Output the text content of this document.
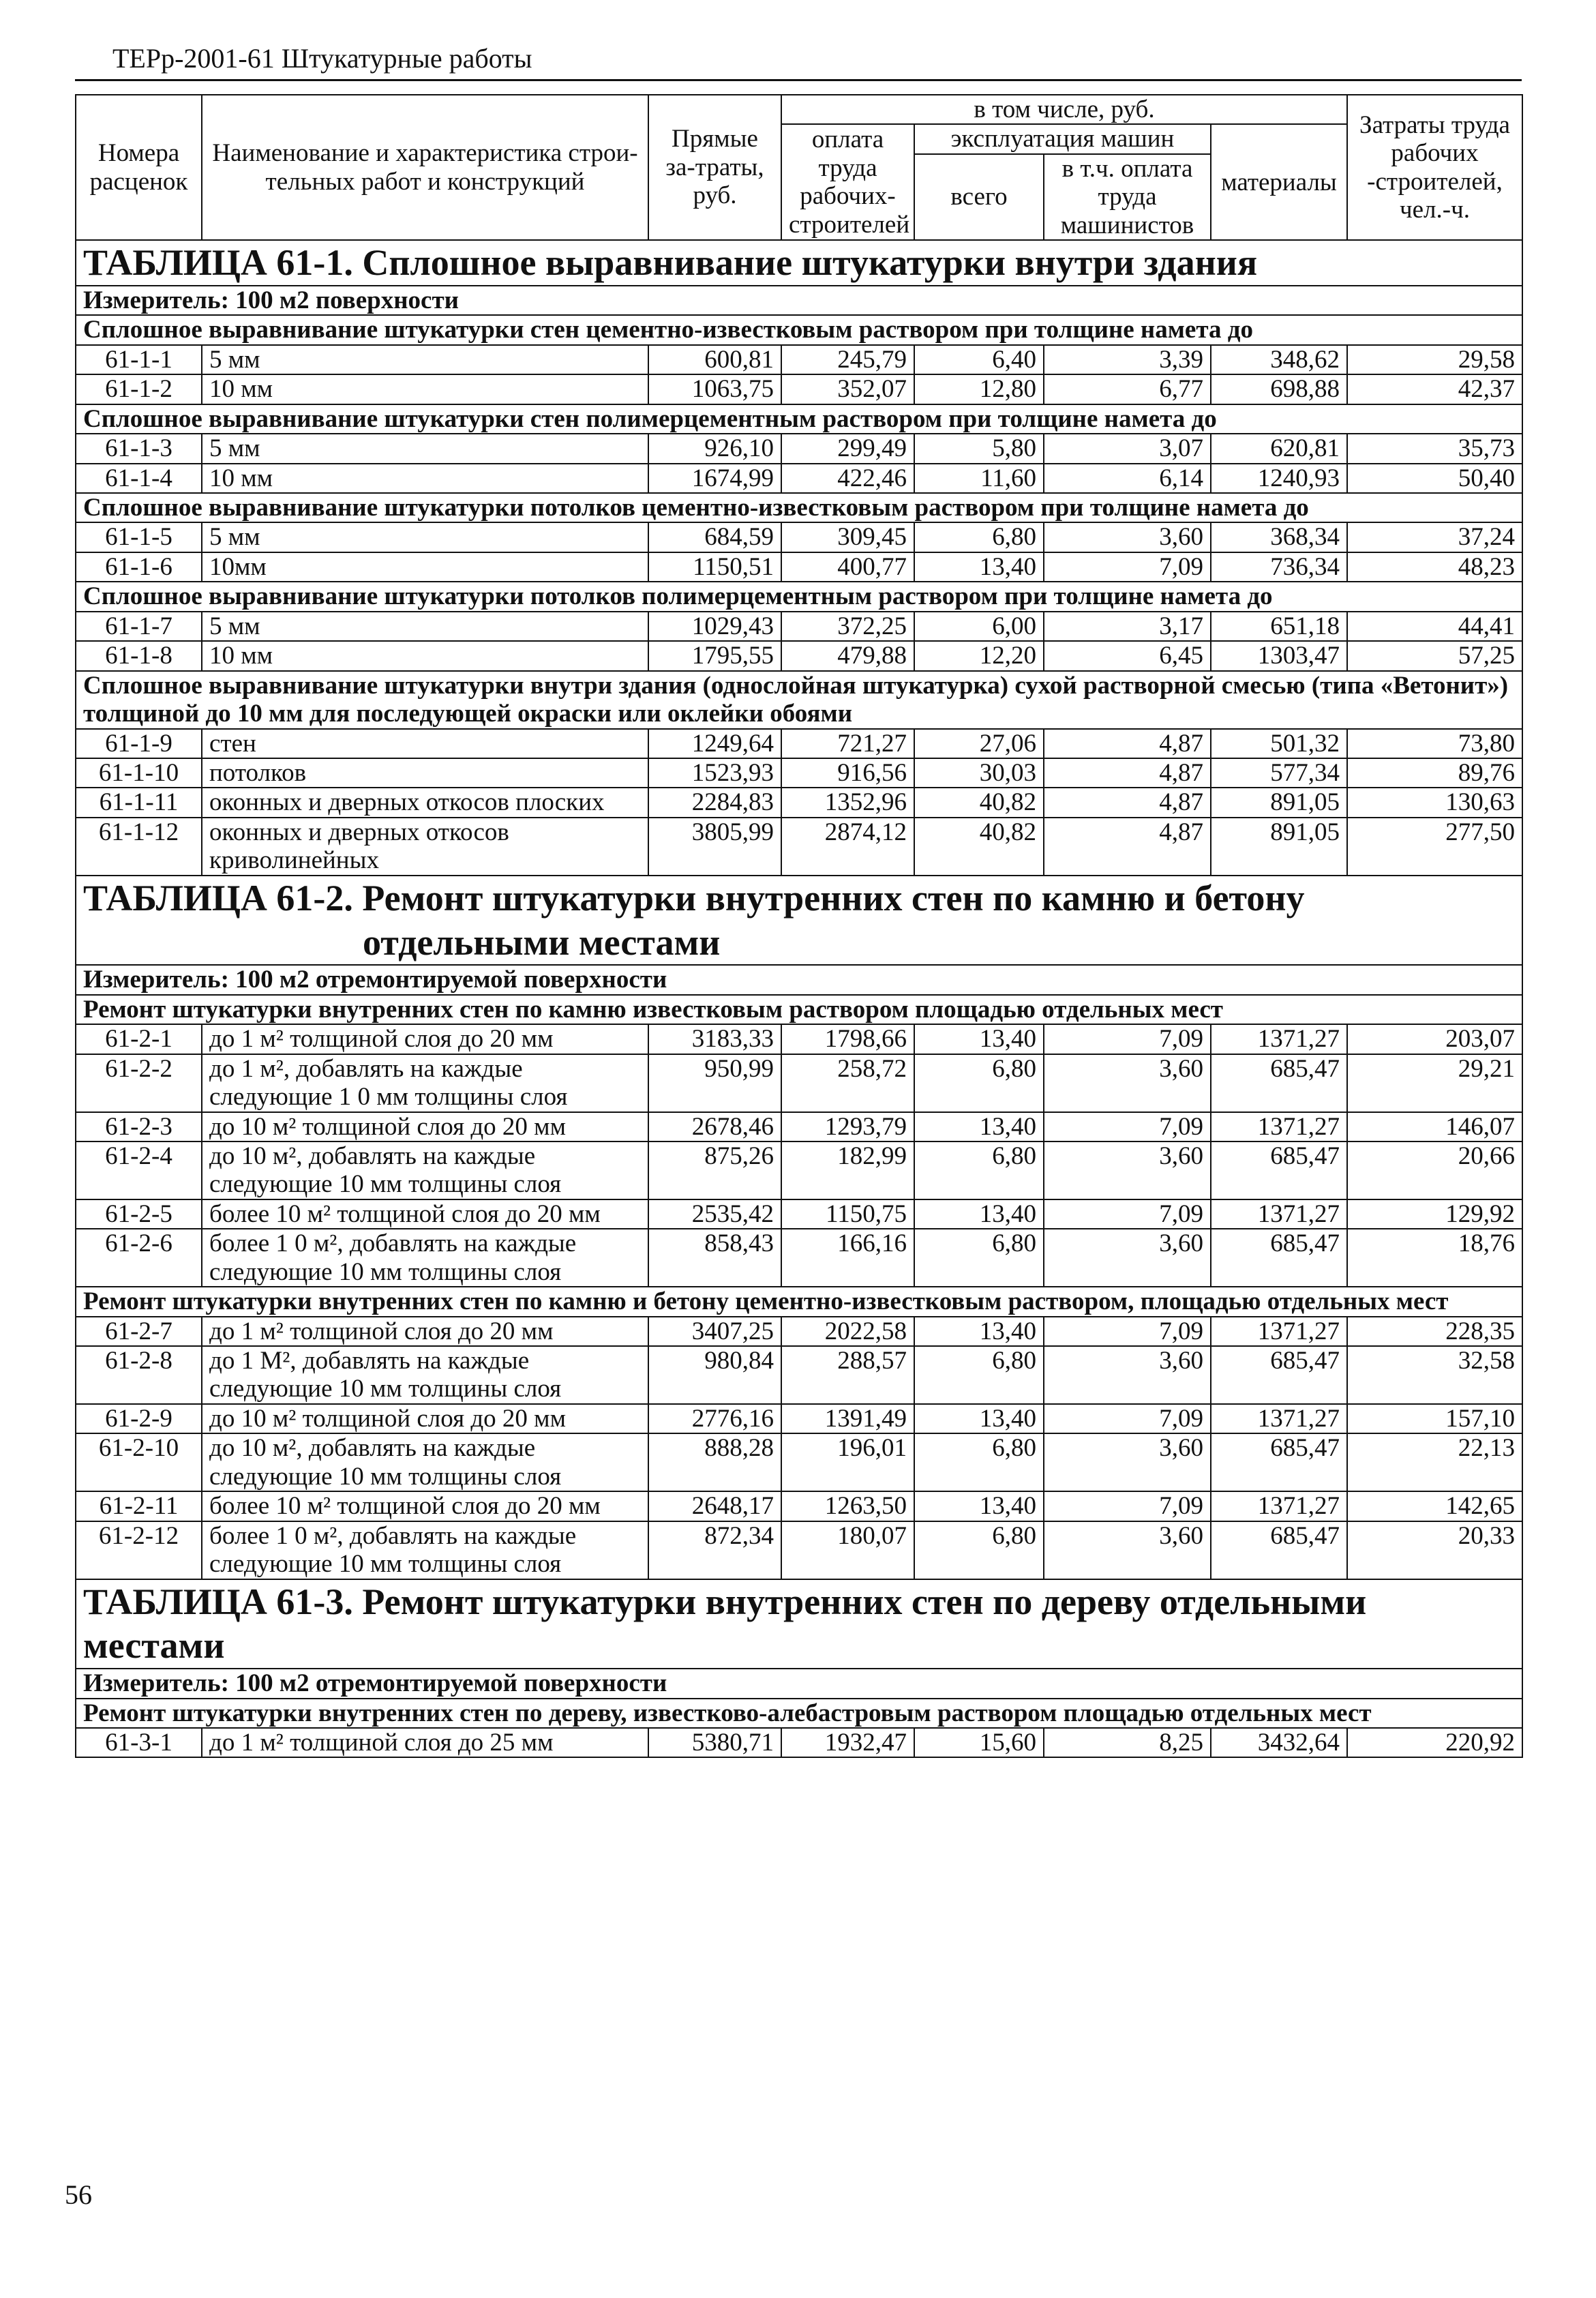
ТЕРр-2001-61 Штукатурные работы
Номера расценок	Наименование и характеристика строи-тельных работ и конструкций	Прямые за-траты, руб.	в том числе, руб.				Затраты труда рабочих -строителей, чел.-ч.
			оплата труда рабочих-строителей	эксплуатация машин		материалы	
				всего	в т.ч. оплата труда машинистов		

ТАБЛИЦА 61-1. Сплошное выравнивание штукатурки внутри здания							

Измеритель: 100 м2 поверхности							
Сплошное выравнивание штукатурки стен цементно-известковым раствором при толщине намета до							
61-1-1	5 мм	600,81	245,79	6,40	3,39	348,62	29,58
61-1-2	10 мм	1063,75	352,07	12,80	6,77	698,88	42,37
Сплошное выравнивание штукатурки стен полимерцементным раствором при толщине намета до							
61-1-3	5 мм	926,10	299,49	5,80	3,07	620,81	35,73
61-1-4	10 мм	1674,99	422,46	11,60	6,14	1240,93	50,40
Сплошное выравнивание штукатурки потолков цементно-известковым раствором при толщине намета до							
61-1-5	5 мм	684,59	309,45	6,80	3,60	368,34	37,24
61-1-6	10мм	1150,51	400,77	13,40	7,09	736,34	48,23
Сплошное выравнивание штукатурки потолков полимерцементным раствором при толщине намета до							
61-1-7	5 мм	1029,43	372,25	6,00	3,17	651,18	44,41
61-1-8	10 мм	1795,55	479,88	12,20	6,45	1303,47	57,25
Сплошное выравнивание штукатурки внутри здания (однослойная штукатурка) сухой растворной смесью (типа «Ветонит») толщиной до 10 мм для последующей окраски или оклейки обоями							
61-1-9	стен	1249,64	721,27	27,06	4,87	501,32	73,80
61-1-10	потолков	1523,93	916,56	30,03	4,87	577,34	89,76
61-1-11	оконных и дверных откосов плоских	2284,83	1352,96	40,82	4,87	891,05	130,63
61-1-12	оконных и дверных откосов криволинейных	3805,99	2874,12	40,82	4,87	891,05	277,50

ТАБЛИЦА 61-2. Ремонт штукатурки внутренних стен по камню и бетону
отдельными местами							

Измеритель: 100 м2 отремонтируемой поверхности							
Ремонт штукатурки внутренних стен по камню известковым раствором площадью отдельных мест							
61-2-1	до 1 м² толщиной слоя до 20 мм	3183,33	1798,66	13,40	7,09	1371,27	203,07
61-2-2	до 1 м², добавлять на каждые следующие 1 0 мм толщины слоя	950,99	258,72	6,80	3,60	685,47	29,21
61-2-3	до 10 м² толщиной слоя до 20 мм	2678,46	1293,79	13,40	7,09	1371,27	146,07
61-2-4	до 10 м², добавлять на каждые следующие 10 мм толщины слоя	875,26	182,99	6,80	3,60	685,47	20,66
61-2-5	более 10 м² толщиной слоя до 20 мм	2535,42	1150,75	13,40	7,09	1371,27	129,92
61-2-6	более 1 0 м², добавлять на каждые следующие 10 мм толщины слоя	858,43	166,16	6,80	3,60	685,47	18,76
Ремонт штукатурки внутренних стен по камню и бетону цементно-известковым раствором, площадью отдельных мест							
61-2-7	до 1 м² толщиной слоя до 20 мм	3407,25	2022,58	13,40	7,09	1371,27	228,35
61-2-8	до 1 М², добавлять на каждые следующие 10 мм толщины слоя	980,84	288,57	6,80	3,60	685,47	32,58
61-2-9	до 10 м² толщиной слоя до 20 мм	2776,16	1391,49	13,40	7,09	1371,27	157,10
61-2-10	до 10 м², добавлять на каждые следующие 10 мм толщины слоя	888,28	196,01	6,80	3,60	685,47	22,13
61-2-11	более 10 м² толщиной слоя до 20 мм	2648,17	1263,50	13,40	7,09	1371,27	142,65
61-2-12	более 1 0 м², добавлять на каждые следующие 10 мм толщины слоя	872,34	180,07	6,80	3,60	685,47	20,33

ТАБЛИЦА 61-3. Ремонт штукатурки внутренних стен по дереву отдельными местами							

Измеритель: 100 м2 отремонтируемой поверхности							
Ремонт штукатурки внутренних стен по дереву, известково-алебастровым раствором площадью отдельных мест							
61-3-1	до 1 м² толщиной слоя до 25 мм	5380,71	1932,47	15,60	8,25	3432,64	220,92
56
